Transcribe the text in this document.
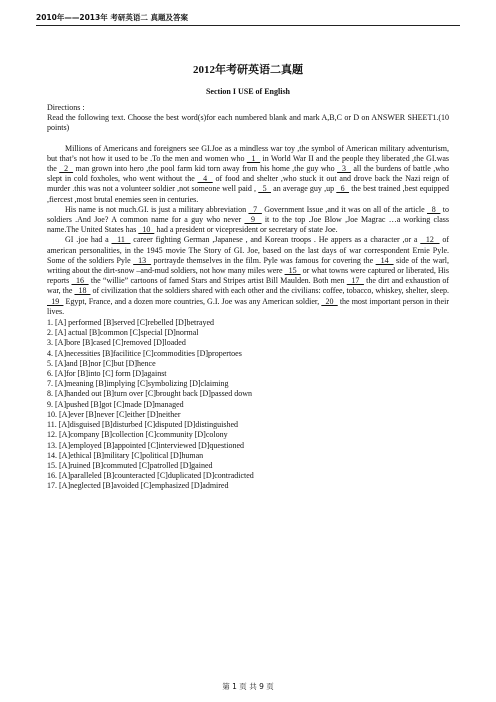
2010年——2013年 考研英语二 真题及答案
2012年考研英语二真题
Section I USE of English

Directions :

Read the following text. Choose the best word(s)for each numbered blank and mark A,B,C or D on ANSWER SHEET1.(10 points)

Millions of Americans and foreigners see GI.Joe as a mindless war toy ,the symbol of American military adventurism, but that’s not how it used to be .To the men and women who   1   in World War II and the people they liberated ,the GI.was the   2   man grown into hero ,the pool farm kid torn away from his home ,the guy who   3   all the burdens of battle ,who slept in cold foxholes, who went without the   4   of food and shelter ,who stuck it out and drove back the Nazi reign of murder .this was not a volunteer soldier ,not someone well paid ,   5   an average guy ,up   6   the best trained ,best equipped ,fiercest ,most brutal enemies seen in centuries.

His name is not much.GI. is just a military abbreviation   7   Government Issue ,and it was on all of the article   8   to soldiers .And Joe? A common name for a guy who never   9   it to the top .Joe Blow ,Joe Magrac …a working class name.The United States has   10   had a president or vicepresident or secretary of state Joe.

GI .joe had a   11   career fighting German ,Japanese , and Korean troops . He appers as a character ,or a   12   of american personalities, in the 1945 movie The Story of GI. Joe, based on the last days of war correspondent Ernie Pyle. Some of the soldiers Pyle   13   portrayde themselves in the film. Pyle was famous for covering the   14   side of the warl, writing about the dirt-snow –and-mud soldiers, not how many miles were   15   or what towns were captured or liberated, His reports   16   the “willie” cartoons of famed Stars and Stripes artist Bill Maulden. Both men   17   the dirt and exhaustion of war, the   18   of civilization that the soldiers shared with each other and the civilians: coffee, tobacco, whiskey, shelter, sleep.   19   Egypt, France, and a dozen more countries, G.I. Joe was any American soldier,   20   the most important person in their lives.

1. [A] performed [B]served [C]rebelled [D]betrayed
2. [A] actual [B]common [C]special [D]normal
3. [A]bore [B]cased [C]removed [D]loaded
4. [A]necessities [B]facilitice [C]commodities [D]propertoes
5. [A]and [B]nor [C]but [D]hence
6. [A]for [B]into [C] form [D]against
7. [A]meaning [B]implying [C]symbolizing [D]claiming
8. [A]handed out [B]turn over [C]brought back [D]passed down
9. [A]pushed [B]got [C]made [D]managed
10. [A]ever [B]never [C]either [D]neither
11. [A]disguised [B]disturbed [C]disputed [D]distinguished
12. [A]company [B]collection [C]community [D]colony
13. [A]employed [B]appointed [C]interviewed [D]questioned
14. [A]ethical [B]military [C]political [D]human
15. [A]ruined [B]commuted [C]patrolled [D]gained
16. [A]paralleled [B]counteracted [C]duplicated [D]contradicted
17. [A]neglected [B]avoided [C]emphasized [D]admired
第 1 页 共 9 页
